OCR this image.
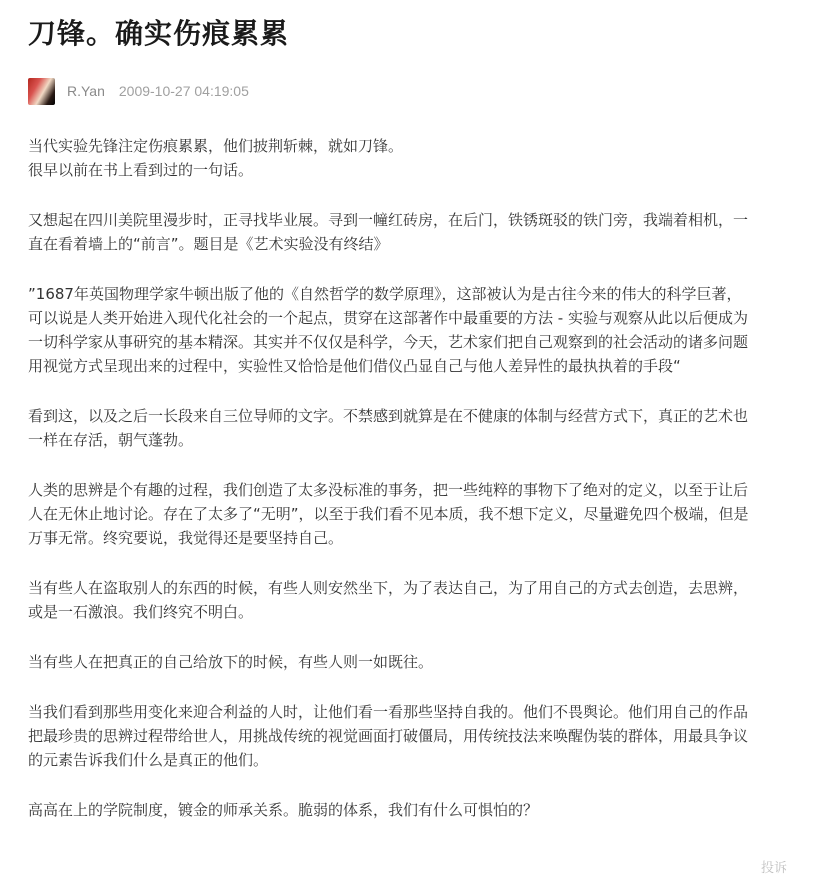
刀锋。确实伤痕累累
R.Yan 2009-10-27 04:19:05

当代实验先锋注定伤痕累累，他们披荆斩棘，就如刀锋。
很早以前在书上看到过的一句话。

又想起在四川美院里漫步时，正寻找毕业展。寻到一幢红砖房，在后门，铁锈斑驳的铁门旁，我端着相机，一
直在看着墙上的“前言”。题目是《艺术实验没有终结》

”1687年英国物理学家牛顿出版了他的《自然哲学的数学原理》，这部被认为是古往今来的伟大的科学巨著，
可以说是人类开始进入现代化社会的一个起点，贯穿在这部著作中最重要的方法 - 实验与观察从此以后便成为
一切科学家从事研究的基本精深。其实并不仅仅是科学，今天，艺术家们把自己观察到的社会活动的诸多问题
用视觉方式呈现出来的过程中，实验性又恰恰是他们借仪凸显自己与他人差异性的最执执着的手段“

看到这，以及之后一长段来自三位导师的文字。不禁感到就算是在不健康的体制与经营方式下，真正的艺术也
一样在存活，朝气蓬勃。

人类的思辨是个有趣的过程，我们创造了太多没标准的事务，把一些纯粹的事物下了绝对的定义，以至于让后
人在无休止地讨论。存在了太多了“无明”，以至于我们看不见本质，我不想下定义，尽量避免四个极端，但是
万事无常。终究要说，我觉得还是要坚持自己。

当有些人在盗取别人的东西的时候，有些人则安然坐下，为了表达自己，为了用自己的方式去创造，去思辨，
或是一石激浪。我们终究不明白。

当有些人在把真正的自己给放下的时候，有些人则一如既往。

当我们看到那些用变化来迎合利益的人时，让他们看一看那些坚持自我的。他们不畏舆论。他们用自己的作品
把最珍贵的思辨过程带给世人，用挑战传统的视觉画面打破僵局，用传统技法来唤醒伪装的群体，用最具争议
的元素告诉我们什么是真正的他们。

高高在上的学院制度，镀金的师承关系。脆弱的体系，我们有什么可惧怕的？

投诉
